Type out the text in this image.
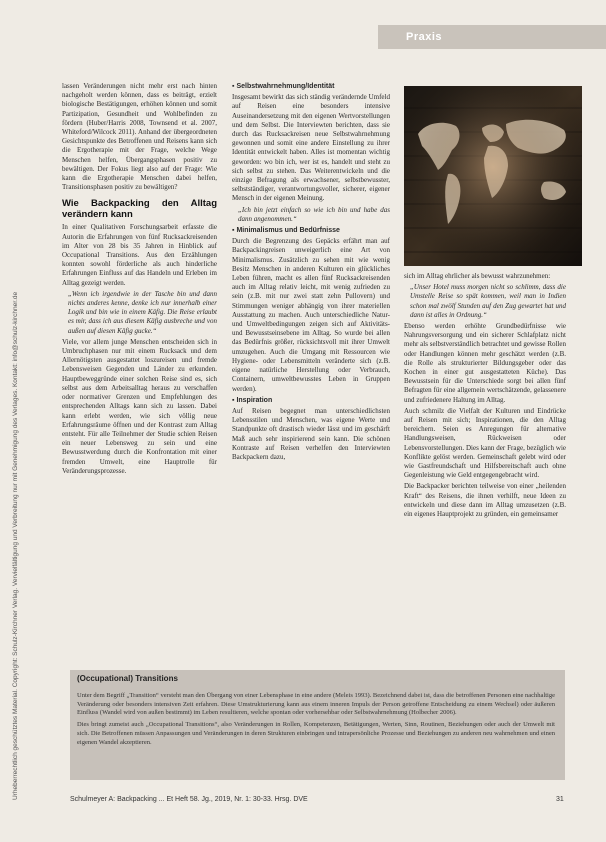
Praxis
Urheberrechtlich geschütztes Material. Copyright: Schulz-Kirchner Verlag. Vervielfältigung und Verbreitung nur mit Genehmigung des Verlages. Kontakt: info@schulz-kirchner.de

lassen Veränderungen nicht mehr erst nach hinten nachgeholt werden können, dass es beiträgt, erzielt biologische Bestätigungen, erhöhen können und somit Partizipation, Gesundheit und Wohlbefinden zu fördern (Huber/Harris 2008, Townsend et al. 2007, Whiteford/Wilcock 2011). Anhand der übergeordneten Gesichtspunkte des Betroffenen und Reisens kann sich die Ergotherapie mit der Frage, welche Wege Menschen helfen, Übergangsphasen positiv zu bewältigen. Der Fokus liegt also auf der Frage: Wie kann die Ergotherapie Menschen dabei helfen, Transitionsphasen positiv zu bewältigen?

Wie Backpacking den Alltag verändern kann

In einer Qualitativen Forschungsarbeit erfasste die Autorin die Erfahrungen von fünf Rucksackreisenden im Alter von 28 bis 35 Jahren in Hinblick auf Occupational Transitions. Aus den Erzählungen konnten sowohl förderliche als auch hinderliche Erfahrungen Einfluss auf das Handeln und Erleben im Alltag gezeigt werden.

„Wenn ich irgendwie in der Tasche bin und dann nichts anderes kenne, denke ich nur innerhalb einer Logik und bin wie in einem Käfig. Die Reise erlaubt es mir, dass ich aus diesem Käfig ausbreche und von außen auf diesen Käfig gucke.“

Viele, vor allem junge Menschen entscheiden sich in Umbruchphasen nur mit einem Rucksack und dem Allernötigsten ausgestattet loszureisen und fremde Lebensweisen Gegenden und Länder zu erkunden. Hauptbeweggründe einer solchen Reise sind es, sich selbst aus dem Arbeitsalltag heraus zu verschaffen oder normativer Grenzen und Empfehlungen des entsprechenden Alltags kann sich zu lassen. Dabei kann erlebt werden, wie sich völlig neue Erfahrungsräume öffnen und der Kontrast zum Alltag entsteht. Für alle Teilnehmer der Studie schien Reisen ein neuer Lebensweg zu sein und eine Bewusstwerdung durch die Konfrontation mit einer fremden Umwelt, eine Hauptrolle für Veränderungsprozesse.

▪ Selbstwahrnehmung/Identität

Insgesamt bewirkt das sich ständig verändernde Umfeld auf Reisen eine besonders intensive Auseinandersetzung mit den eigenen Wertvorstellungen und dem Selbst. Die Interviewten berichten, dass sie durch das Rucksackreisen neue Selbstwahrnehmung gewonnen und somit eine andere Einstellung zu ihrer Identität entwickelt haben. Alles ist momentan wichtig geworden: wo bin ich, wer ist es, handelt und steht zu sich selbst zu stehen. Das Weiterentwickeln und die einzige Befragung als erwachsener, selbstbewusster, selbstständiger, verantwortungsvoller, sicherer, eigener Mensch in der eigenen Meinung.

„Ich bin jetzt einfach so wie ich bin und habe das dann angenommen.“

▪ Minimalismus und Bedürfnisse

Durch die Begrenzung des Gepäcks erfährt man auf Backpackingreisen unweigerlich eine Art von Minimalismus. Zusätzlich zu sehen mit wie wenig Besitz Menschen in anderen Kulturen ein glückliches Leben führen, macht es allen fünf Rucksackreisenden auch im Alltag relativ leicht, mit wenig zufrieden zu sein (z.B. mit nur zwei statt zehn Pullovern) und Stimmungen weniger abhängig von ihrer materiellen Ausstattung zu machen. Auch unterschiedliche Natur- und Umweltbedingungen zeigen sich auf Aktivitäts- und Bewusstseinsebene im Alltag. So wurde bei allen das Bedürfnis größer, rücksichtsvoll mit ihrer Umwelt umzugehen. Auch die Umgang mit Ressourcen wie Hygiene- oder Lebensmitteln veränderte sich (z.B. eigene natürliche Herstellung oder Verbrauch, Containern, umweltbewusstes Leben in Gruppen werden).

▪ Inspiration

Auf Reisen begegnet man unterschiedlichsten Lebensstilen und Menschen, was eigene Werte und Standpunkte oft drastisch wieder lässt und im geschärft Maß auch sehr inspirierend sein kann. Die schönen Kontraste auf Reisen verhelfen den Interviewten Backpackern dazu,

sich im Alltag ehrlicher als bewusst wahrzunehmen:

„Unser Hotel muss morgen nicht so schlimm, dass die Umstelle Reise so spät kommen, weil man in Indien schon mal zwölf Stunden auf den Zug gewartet hat und dann ist alles in Ordnung.“

Ebenso werden erhöhte Grundbedürfnisse wie Nahrungsversorgung und ein sicherer Schlafplatz nicht mehr als selbstverständlich betrachtet und gewisse Rollen oder Handlungen können mehr geschätzt werden (z.B. die Rolle als strukturierter Bildungsgeber oder das Kochen in einer gut ausgestatteten Küche). Das Bewusstsein für die Unterschiede sorgt bei allen fünf Befragten für eine allgemein wertschätzende, gelassenere und zufriedenere Haltung im Alltag.

Auch schmilz die Vielfalt der Kulturen und Eindrücke auf Reisen mit sich; Inspirationen, die den Alltag bereichern. Seien es Anregungen für alternative Handlungsweisen, Rückweisen oder Lebensvorstellungen. Dies kann der Frage, bezüglich wie Konflikte gelöst werden. Gemeinschaft gelebt wird oder wie Gastfreundschaft und Hilfsbereitschaft auch ohne Gegenleistung wie Geld entgegengebracht wird.

Die Backpacker berichten teilweise von einer „heilenden Kraft“ des Reisens, die ihnen verhilft, neue Ideen zu entwickeln und diese dann im Alltag umzusetzen (z.B. ein eigenes Hauptprojekt zu gründen, ein gemeinsamer

(Occupational) Transitions

Unter dem Begriff „Transition“ versteht man den Übergang von einer Lebensphase in eine andere (Meleis 1993). Bezeichnend dabei ist, dass die betroffenen Personen eine nachhaltige Veränderung oder besonders intensiven Zeit erfahren. Diese Umstrukturierung kann aus einem inneren Impuls der Person getroffene Entscheidung zu einem Wechsel) oder äußeren Einfluss (Wandel wird von außen bestimmt) im Leben resultieren, welche spontan oder vorhersehbar oder Selbstwahrnehmung (Holbecher 2006).

Dies bringt zumeist auch „Occupational Transitions“, also Veränderungen in Rollen, Kompetenzen, Betätigungen, Werten, Sinn, Routinen, Beziehungen oder auch der Umwelt mit sich. Die Betroffenen müssen Anpassungen und Veränderungen in deren Strukturen einbringen und intrapersönliche Prozesse und Beziehungen zu anderen neu wahrnehmen und einen eigenen Wandel akzeptieren.

Schulmeyer A: Backpacking ... Et Heft 58. Jg., 2019, Nr. 1: 30-33. Hrsg. DVE	31
